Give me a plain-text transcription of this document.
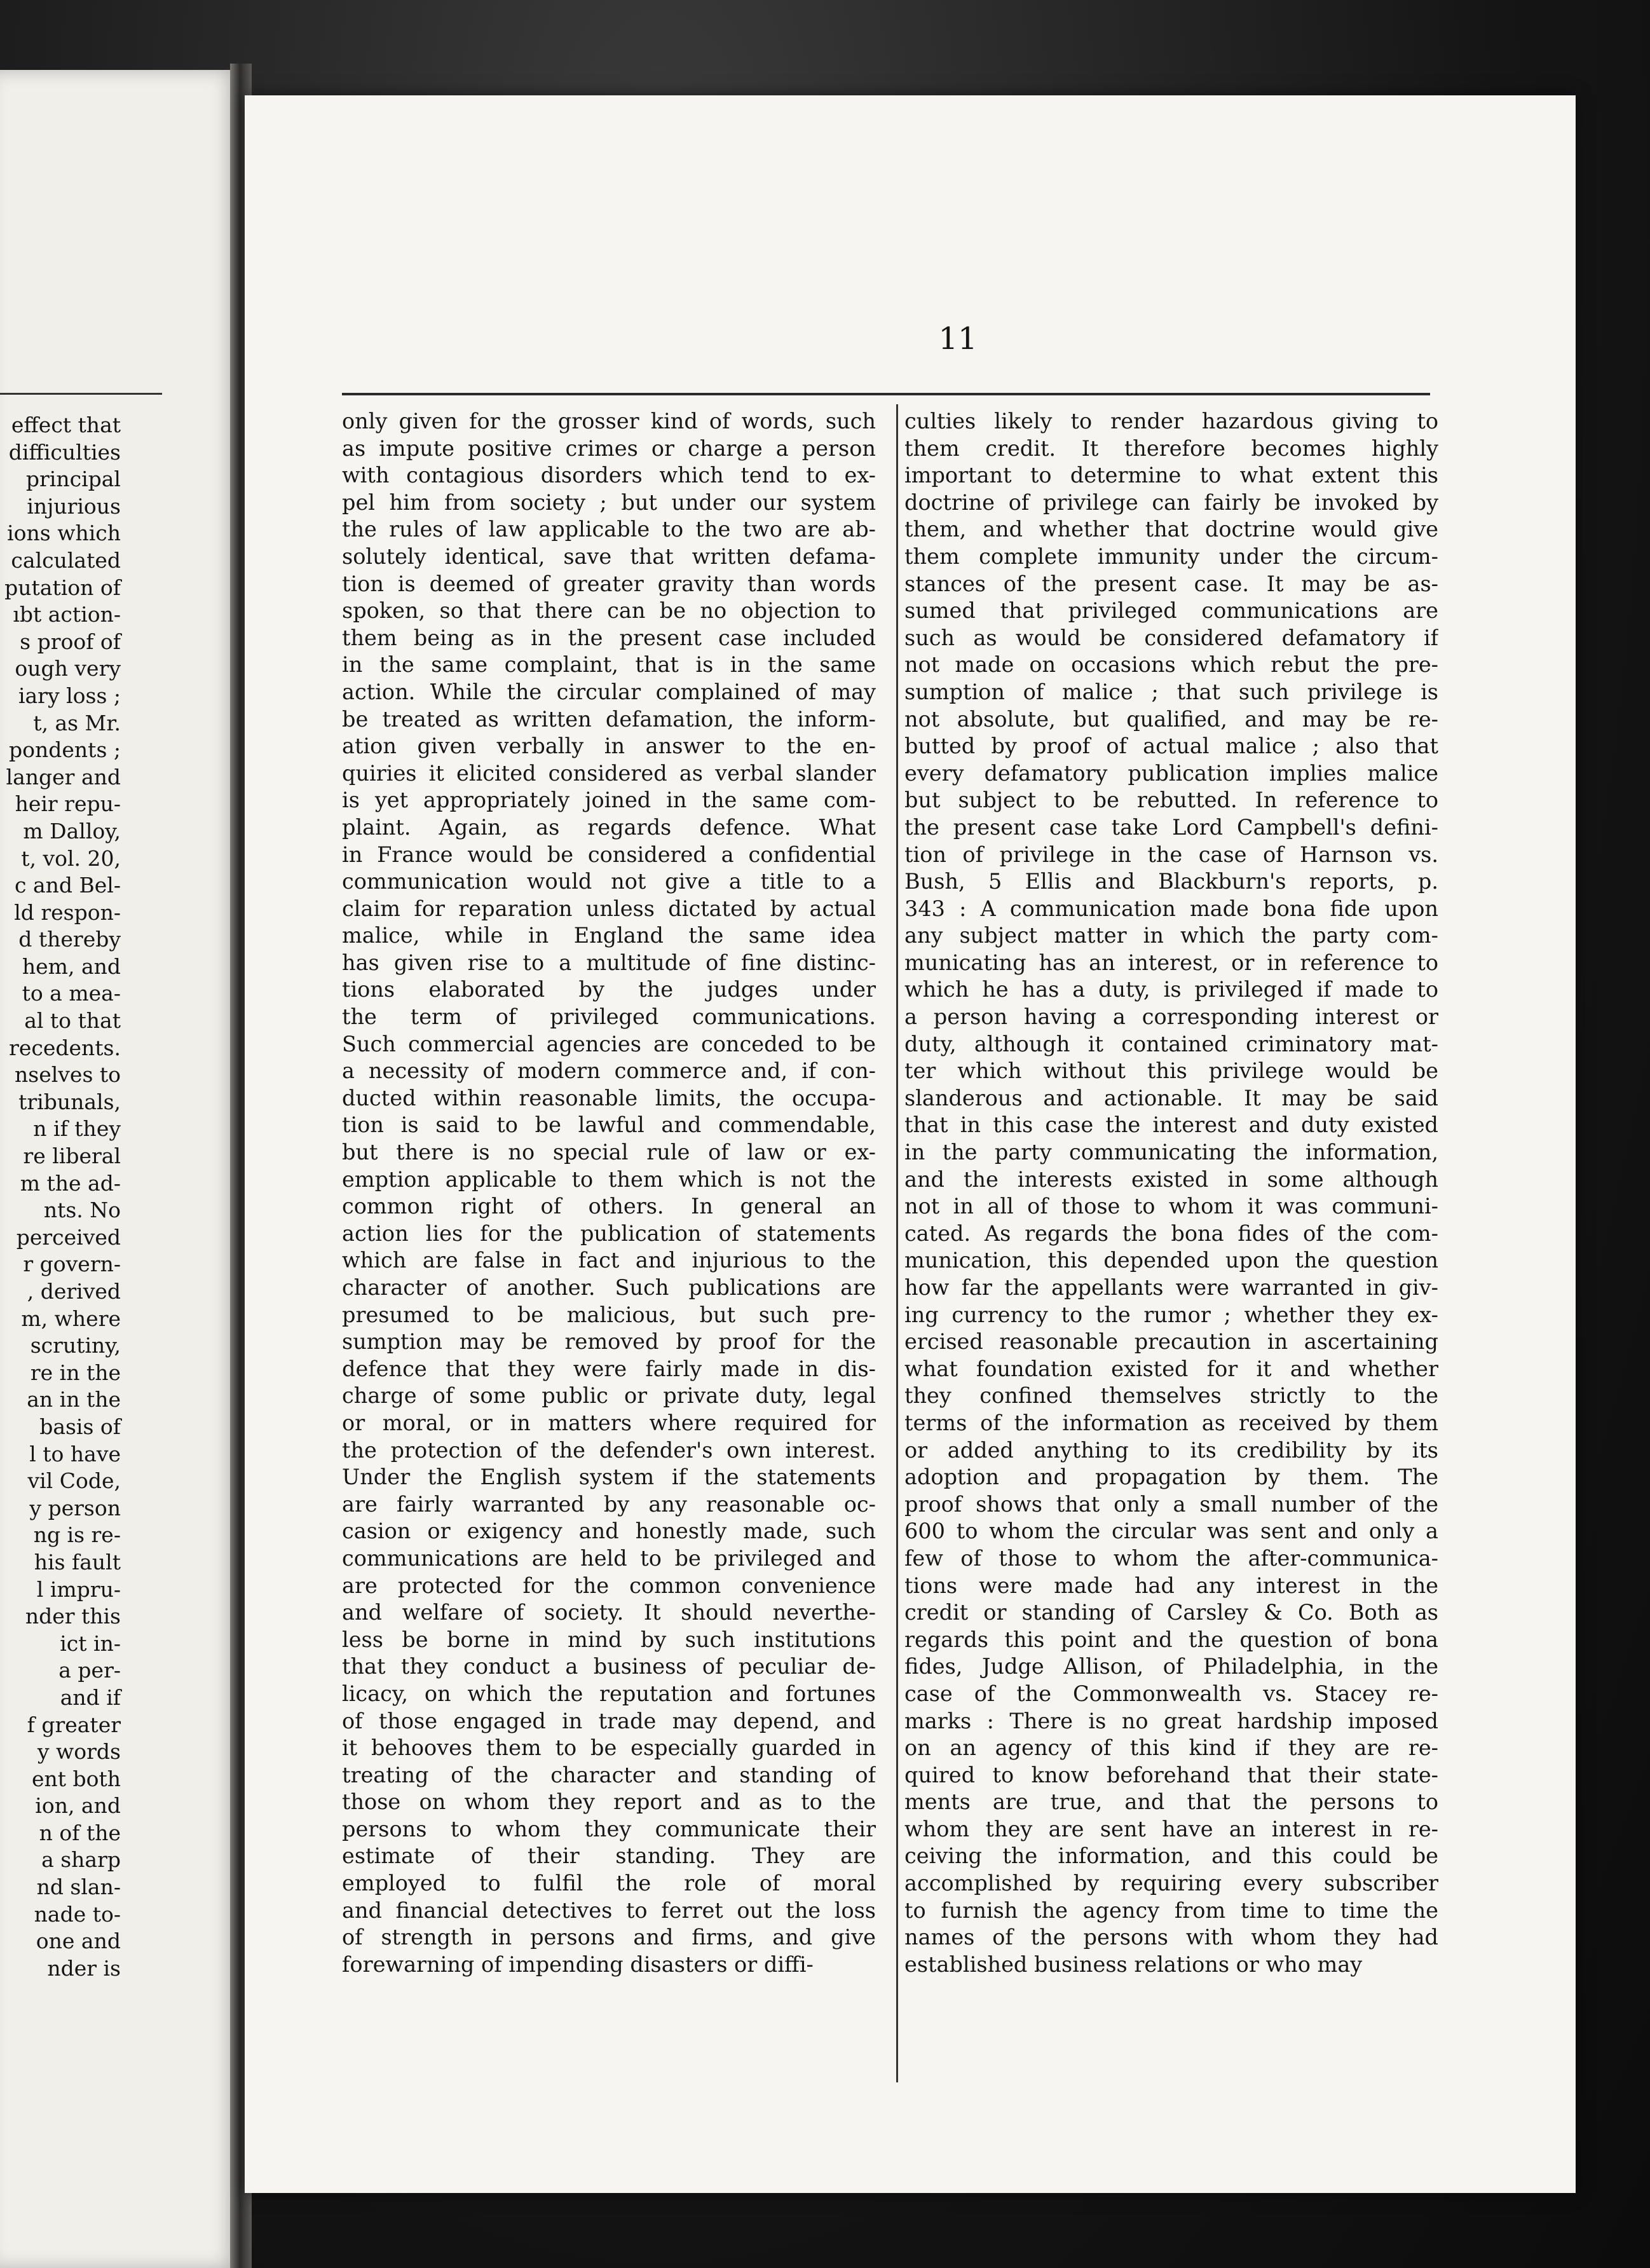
effect that
difficulties
principal
injurious
ions which
calculated
putation of
ıbt action-
s proof of
ough very
iary loss ;
t, as Mr.
pondents ;
langer and
heir repu-
m Dalloy,
t, vol. 20,
c and Bel-
ld respon-
d thereby
hem, and
to a mea-
al to that
recedents.
nselves to
tribunals,
n if they
re liberal
m the ad-
nts. No
perceived
r govern-
, derived
m, where
scrutiny,
re in the
an in the
basis of
l to have
vil Code,
y person
ng is re-
his fault
l impru-
nder this
ict in-
a per-
and if
f greater
y words
ent both
ion, and
n of the
a sharp
nd slan-
nade to-
one and
nder is
11
only given for the grosser kind of words, such
as impute positive crimes or charge a person
with contagious disorders which tend to ex-
pel him from society ; but under our system
the rules of law applicable to the two are ab-
solutely identical, save that written defama-
tion is deemed of greater gravity than words
spoken, so that there can be no objection to
them being as in the present case included
in the same complaint, that is in the same
action. While the circular complained of may
be treated as written defamation, the inform-
ation given verbally in answer to the en-
quiries it elicited considered as verbal slander
is yet appropriately joined in the same com-
plaint. Again, as regards defence. What
in France would be considered a confidential
communication would not give a title to a
claim for reparation unless dictated by actual
malice, while in England the same idea
has given rise to a multitude of fine distinc-
tions elaborated by the judges under
the term of privileged communications.
Such commercial agencies are conceded to be
a necessity of modern commerce and, if con-
ducted within reasonable limits, the occupa-
tion is said to be lawful and commendable,
but there is no special rule of law or ex-
emption applicable to them which is not the
common right of others. In general an
action lies for the publication of statements
which are false in fact and injurious to the
character of another. Such publications are
presumed to be malicious, but such pre-
sumption may be removed by proof for the
defence that they were fairly made in dis-
charge of some public or private duty, legal
or moral, or in matters where required for
the protection of the defender's own interest.
Under the English system if the statements
are fairly warranted by any reasonable oc-
casion or exigency and honestly made, such
communications are held to be privileged and
are protected for the common convenience
and welfare of society. It should neverthe-
less be borne in mind by such institutions
that they conduct a business of peculiar de-
licacy, on which the reputation and fortunes
of those engaged in trade may depend, and
it behooves them to be especially guarded in
treating of the character and standing of
those on whom they report and as to the
persons to whom they communicate their
estimate of their standing. They are
employed to fulfil the role of moral
and financial detectives to ferret out the loss
of strength in persons and firms, and give
forewarning of impending disasters or diffi-
culties likely to render hazardous giving to
them credit. It therefore becomes highly
important to determine to what extent this
doctrine of privilege can fairly be invoked by
them, and whether that doctrine would give
them complete immunity under the circum-
stances of the present case. It may be as-
sumed that privileged communications are
such as would be considered defamatory if
not made on occasions which rebut the pre-
sumption of malice ; that such privilege is
not absolute, but qualified, and may be re-
butted by proof of actual malice ; also that
every defamatory publication implies malice
but subject to be rebutted. In reference to
the present case take Lord Campbell's defini-
tion of privilege in the case of Harnson vs.
Bush, 5 Ellis and Blackburn's reports, p.
343 : A communication made bona fide upon
any subject matter in which the party com-
municating has an interest, or in reference to
which he has a duty, is privileged if made to
a person having a corresponding interest or
duty, although it contained criminatory mat-
ter which without this privilege would be
slanderous and actionable. It may be said
that in this case the interest and duty existed
in the party communicating the information,
and the interests existed in some although
not in all of those to whom it was communi-
cated. As regards the bona fides of the com-
munication, this depended upon the question
how far the appellants were warranted in giv-
ing currency to the rumor ; whether they ex-
ercised reasonable precaution in ascertaining
what foundation existed for it and whether
they confined themselves strictly to the
terms of the information as received by them
or added anything to its credibility by its
adoption and propagation by them. The
proof shows that only a small number of the
600 to whom the circular was sent and only a
few of those to whom the after-communica-
tions were made had any interest in the
credit or standing of Carsley & Co. Both as
regards this point and the question of bona
fides, Judge Allison, of Philadelphia, in the
case of the Commonwealth vs. Stacey re-
marks : There is no great hardship imposed
on an agency of this kind if they are re-
quired to know beforehand that their state-
ments are true, and that the persons to
whom they are sent have an interest in re-
ceiving the information, and this could be
accomplished by requiring every subscriber
to furnish the agency from time to time the
names of the persons with whom they had
established business relations or who may
